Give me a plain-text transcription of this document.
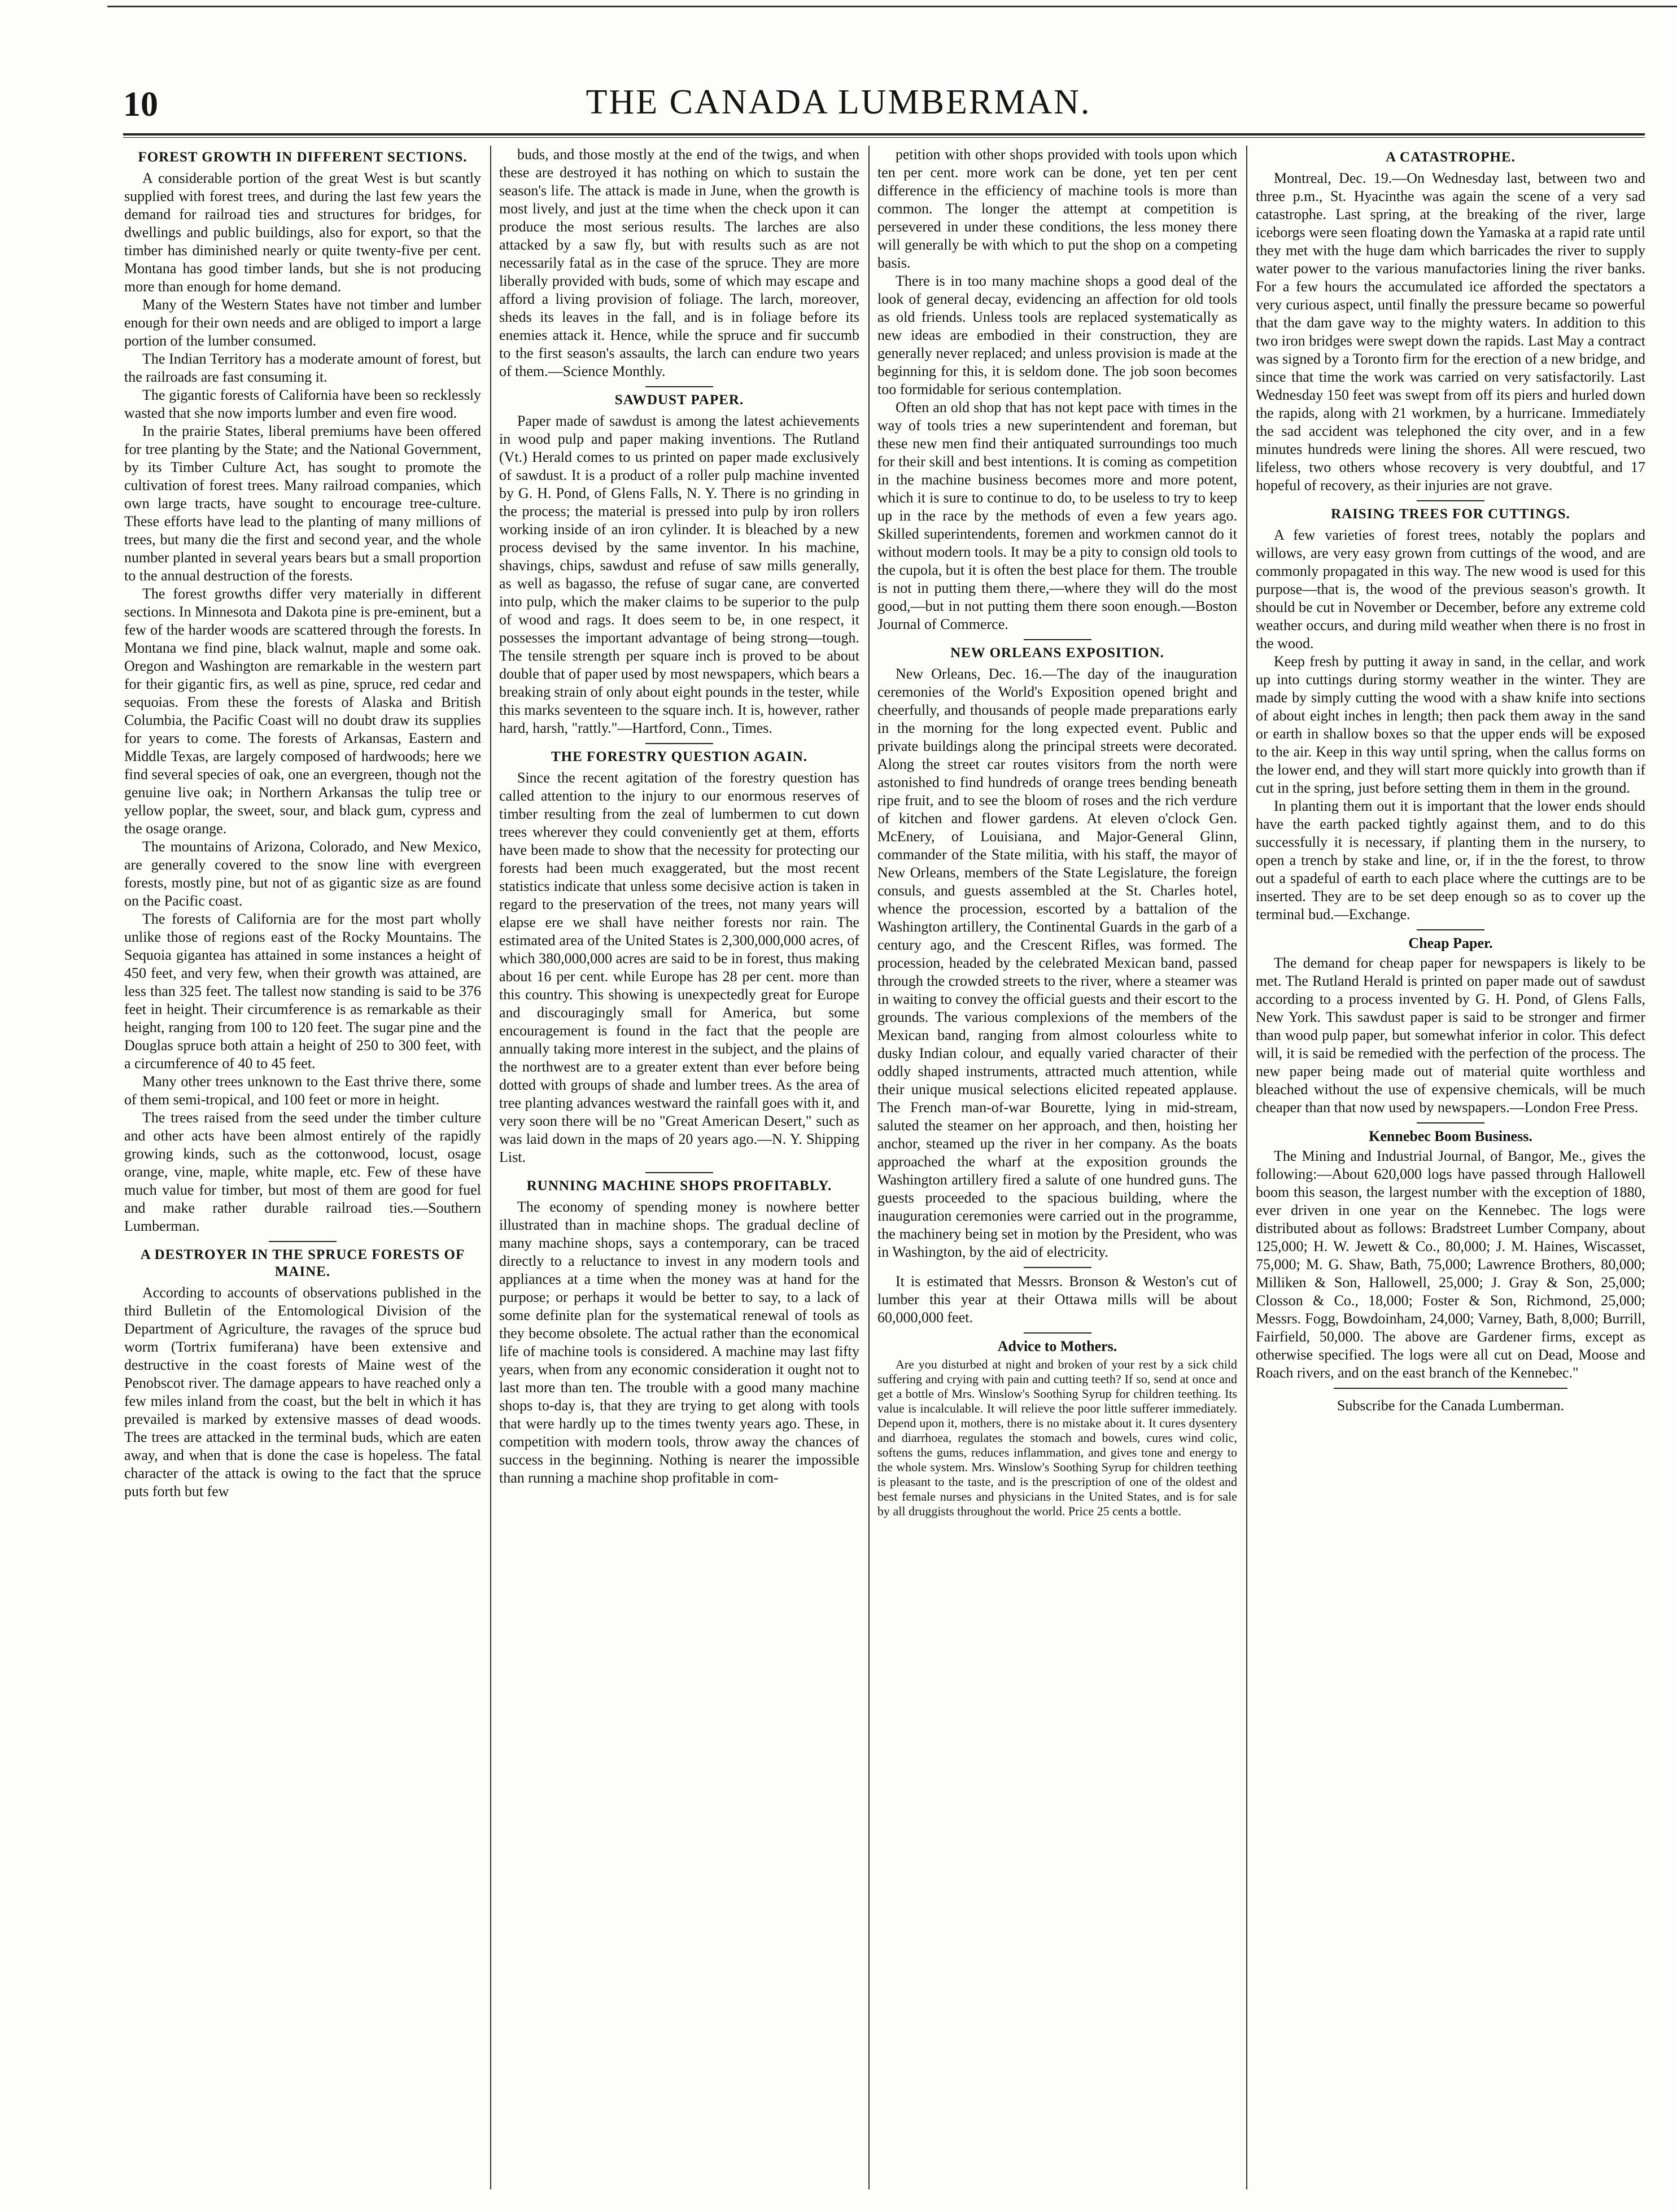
10	THE CANADA LUMBERMAN.
FOREST GROWTH IN DIFFERENT SECTIONS.

A considerable portion of the great West is but scantly supplied with forest trees, and during the last few years the demand for railroad ties and structures for bridges, for dwellings and public buildings, also for export, so that the timber has diminished nearly or quite twenty-five per cent. Montana has good timber lands, but she is not producing more than enough for home demand.

Many of the Western States have not timber and lumber enough for their own needs and are obliged to import a large portion of the lumber consumed.

The Indian Territory has a moderate amount of forest, but the railroads are fast consuming it.

The gigantic forests of California have been so recklessly wasted that she now imports lumber and even fire wood.

In the prairie States, liberal premiums have been offered for tree planting by the State; and the National Government, by its Timber Culture Act, has sought to promote the cultivation of forest trees. Many railroad companies, which own large tracts, have sought to encourage tree-culture. These efforts have lead to the planting of many millions of trees, but many die the first and second year, and the whole number planted in several years bears but a small proportion to the annual destruction of the forests.

The forest growths differ very materially in different sections. In Minnesota and Dakota pine is pre-eminent, but a few of the harder woods are scattered through the forests. In Montana we find pine, black walnut, maple and some oak. Oregon and Washington are remarkable in the western part for their gigantic firs, as well as pine, spruce, red cedar and sequoias. From these the forests of Alaska and British Columbia, the Pacific Coast will no doubt draw its supplies for years to come. The forests of Arkansas, Eastern and Middle Texas, are largely composed of hardwoods; here we find several species of oak, one an evergreen, though not the genuine live oak; in Northern Arkansas the tulip tree or yellow poplar, the sweet, sour, and black gum, cypress and the osage orange.

The mountains of Arizona, Colorado, and New Mexico, are generally covered to the snow line with evergreen forests, mostly pine, but not of as gigantic size as are found on the Pacific coast.

The forests of California are for the most part wholly unlike those of regions east of the Rocky Mountains. The Sequoia gigantea has attained in some instances a height of 450 feet, and very few, when their growth was attained, are less than 325 feet. The tallest now standing is said to be 376 feet in height. Their circumference is as remarkable as their height, ranging from 100 to 120 feet. The sugar pine and the Douglas spruce both attain a height of 250 to 300 feet, with a circumference of 40 to 45 feet.

Many other trees unknown to the East thrive there, some of them semi-tropical, and 100 feet or more in height.

The trees raised from the seed under the timber culture and other acts have been almost entirely of the rapidly growing kinds, such as the cottonwood, locust, osage orange, vine, maple, white maple, etc. Few of these have much value for timber, but most of them are good for fuel and make rather durable railroad ties.—Southern Lumberman.

A DESTROYER IN THE SPRUCE FORESTS OF MAINE.

According to accounts of observations published in the third Bulletin of the Entomological Division of the Department of Agriculture, the ravages of the spruce bud worm (Tortrix fumiferana) have been extensive and destructive in the coast forests of Maine west of the Penobscot river. The damage appears to have reached only a few miles inland from the coast, but the belt in which it has prevailed is marked by extensive masses of dead woods. The trees are attacked in the terminal buds, which are eaten away, and when that is done the case is hopeless. The fatal character of the attack is owing to the fact that the spruce puts forth but few

buds, and those mostly at the end of the twigs, and when these are destroyed it has nothing on which to sustain the season's life. The attack is made in June, when the growth is most lively, and just at the time when the check upon it can produce the most serious results. The larches are also attacked by a saw fly, but with results such as are not necessarily fatal as in the case of the spruce. They are more liberally provided with buds, some of which may escape and afford a living provision of foliage. The larch, moreover, sheds its leaves in the fall, and is in foliage before its enemies attack it. Hence, while the spruce and fir succumb to the first season's assaults, the larch can endure two years of them.—Science Monthly.

SAWDUST PAPER.

Paper made of sawdust is among the latest achievements in wood pulp and paper making inventions. The Rutland (Vt.) Herald comes to us printed on paper made exclusively of sawdust. It is a product of a roller pulp machine invented by G. H. Pond, of Glens Falls, N. Y. There is no grinding in the process; the material is pressed into pulp by iron rollers working inside of an iron cylinder. It is bleached by a new process devised by the same inventor. In his machine, shavings, chips, sawdust and refuse of saw mills generally, as well as bagasso, the refuse of sugar cane, are converted into pulp, which the maker claims to be superior to the pulp of wood and rags. It does seem to be, in one respect, it possesses the important advantage of being strong—tough. The tensile strength per square inch is proved to be about double that of paper used by most newspapers, which bears a breaking strain of only about eight pounds in the tester, while this marks seventeen to the square inch. It is, however, rather hard, harsh, "rattly."—Hartford, Conn., Times.

THE FORESTRY QUESTION AGAIN.

Since the recent agitation of the forestry question has called attention to the injury to our enormous reserves of timber resulting from the zeal of lumbermen to cut down trees wherever they could conveniently get at them, efforts have been made to show that the necessity for protecting our forests had been much exaggerated, but the most recent statistics indicate that unless some decisive action is taken in regard to the preservation of the trees, not many years will elapse ere we shall have neither forests nor rain. The estimated area of the United States is 2,300,000,000 acres, of which 380,000,000 acres are said to be in forest, thus making about 16 per cent. while Europe has 28 per cent. more than this country. This showing is unexpectedly great for Europe and discouragingly small for America, but some encouragement is found in the fact that the people are annually taking more interest in the subject, and the plains of the northwest are to a greater extent than ever before being dotted with groups of shade and lumber trees. As the area of tree planting advances westward the rainfall goes with it, and very soon there will be no "Great American Desert," such as was laid down in the maps of 20 years ago.—N. Y. Shipping List.

RUNNING MACHINE SHOPS PROFITABLY.

The economy of spending money is nowhere better illustrated than in machine shops. The gradual decline of many machine shops, says a contemporary, can be traced directly to a reluctance to invest in any modern tools and appliances at a time when the money was at hand for the purpose; or perhaps it would be better to say, to a lack of some definite plan for the systematical renewal of tools as they become obsolete. The actual rather than the economical life of machine tools is considered. A machine may last fifty years, when from any economic consideration it ought not to last more than ten. The trouble with a good many machine shops to-day is, that they are trying to get along with tools that were hardly up to the times twenty years ago. These, in competition with modern tools, throw away the chances of success in the beginning. Nothing is nearer the impossible than running a machine shop profitable in com-

petition with other shops provided with tools upon which ten per cent. more work can be done, yet ten per cent difference in the efficiency of machine tools is more than common. The longer the attempt at competition is persevered in under these conditions, the less money there will generally be with which to put the shop on a competing basis.

There is in too many machine shops a good deal of the look of general decay, evidencing an affection for old tools as old friends. Unless tools are replaced systematically as new ideas are embodied in their construction, they are generally never replaced; and unless provision is made at the beginning for this, it is seldom done. The job soon becomes too formidable for serious contemplation.

Often an old shop that has not kept pace with times in the way of tools tries a new superintendent and foreman, but these new men find their antiquated surroundings too much for their skill and best intentions. It is coming as competition in the machine business becomes more and more potent, which it is sure to continue to do, to be useless to try to keep up in the race by the methods of even a few years ago. Skilled superintendents, foremen and workmen cannot do it without modern tools. It may be a pity to consign old tools to the cupola, but it is often the best place for them. The trouble is not in putting them there,—where they will do the most good,—but in not putting them there soon enough.—Boston Journal of Commerce.

NEW ORLEANS EXPOSITION.

New Orleans, Dec. 16.—The day of the inauguration ceremonies of the World's Exposition opened bright and cheerfully, and thousands of people made preparations early in the morning for the long expected event. Public and private buildings along the principal streets were decorated. Along the street car routes visitors from the north were astonished to find hundreds of orange trees bending beneath ripe fruit, and to see the bloom of roses and the rich verdure of kitchen and flower gardens. At eleven o'clock Gen. McEnery, of Louisiana, and Major-General Glinn, commander of the State militia, with his staff, the mayor of New Orleans, members of the State Legislature, the foreign consuls, and guests assembled at the St. Charles hotel, whence the procession, escorted by a battalion of the Washington artillery, the Continental Guards in the garb of a century ago, and the Crescent Rifles, was formed. The procession, headed by the celebrated Mexican band, passed through the crowded streets to the river, where a steamer was in waiting to convey the official guests and their escort to the grounds. The various complexions of the members of the Mexican band, ranging from almost colourless white to dusky Indian colour, and equally varied character of their oddly shaped instruments, attracted much attention, while their unique musical selections elicited repeated applause. The French man-of-war Bourette, lying in mid-stream, saluted the steamer on her approach, and then, hoisting her anchor, steamed up the river in her company. As the boats approached the wharf at the exposition grounds the Washington artillery fired a salute of one hundred guns. The guests proceeded to the spacious building, where the inauguration ceremonies were carried out in the programme, the machinery being set in motion by the President, who was in Washington, by the aid of electricity.

It is estimated that Messrs. Bronson & Weston's cut of lumber this year at their Ottawa mills will be about 60,000,000 feet.

Advice to Mothers.

Are you disturbed at night and broken of your rest by a sick child suffering and crying with pain and cutting teeth? If so, send at once and get a bottle of Mrs. Winslow's Soothing Syrup for children teething. Its value is incalculable. It will relieve the poor little sufferer immediately. Depend upon it, mothers, there is no mistake about it. It cures dysentery and diarrhoea, regulates the stomach and bowels, cures wind colic, softens the gums, reduces inflammation, and gives tone and energy to the whole system. Mrs. Winslow's Soothing Syrup for children teething is pleasant to the taste, and is the prescription of one of the oldest and best female nurses and physicians in the United States, and is for sale by all druggists throughout the world. Price 25 cents a bottle.

A CATASTROPHE.

Montreal, Dec. 19.—On Wednesday last, between two and three p.m., St. Hyacinthe was again the scene of a very sad catastrophe. Last spring, at the breaking of the river, large iceborgs were seen floating down the Yamaska at a rapid rate until they met with the huge dam which barricades the river to supply water power to the various manufactories lining the river banks. For a few hours the accumulated ice afforded the spectators a very curious aspect, until finally the pressure became so powerful that the dam gave way to the mighty waters. In addition to this two iron bridges were swept down the rapids. Last May a contract was signed by a Toronto firm for the erection of a new bridge, and since that time the work was carried on very satisfactorily. Last Wednesday 150 feet was swept from off its piers and hurled down the rapids, along with 21 workmen, by a hurricane. Immediately the sad accident was telephoned the city over, and in a few minutes hundreds were lining the shores. All were rescued, two lifeless, two others whose recovery is very doubtful, and 17 hopeful of recovery, as their injuries are not grave.

RAISING TREES FOR CUTTINGS.

A few varieties of forest trees, notably the poplars and willows, are very easy grown from cuttings of the wood, and are commonly propagated in this way. The new wood is used for this purpose—that is, the wood of the previous season's growth. It should be cut in November or December, before any extreme cold weather occurs, and during mild weather when there is no frost in the wood.

Keep fresh by putting it away in sand, in the cellar, and work up into cuttings during stormy weather in the winter. They are made by simply cutting the wood with a shaw knife into sections of about eight inches in length; then pack them away in the sand or earth in shallow boxes so that the upper ends will be exposed to the air. Keep in this way until spring, when the callus forms on the lower end, and they will start more quickly into growth than if cut in the spring, just before setting them in them in the ground.

In planting them out it is important that the lower ends should have the earth packed tightly against them, and to do this successfully it is necessary, if planting them in the nursery, to open a trench by stake and line, or, if in the the forest, to throw out a spadeful of earth to each place where the cuttings are to be inserted. They are to be set deep enough so as to cover up the terminal bud.—Exchange.

Cheap Paper.

The demand for cheap paper for newspapers is likely to be met. The Rutland Herald is printed on paper made out of sawdust according to a process invented by G. H. Pond, of Glens Falls, New York. This sawdust paper is said to be stronger and firmer than wood pulp paper, but somewhat inferior in color. This defect will, it is said be remedied with the perfection of the process. The new paper being made out of material quite worthless and bleached without the use of expensive chemicals, will be much cheaper than that now used by newspapers.—London Free Press.

Kennebec Boom Business.

The Mining and Industrial Journal, of Bangor, Me., gives the following:—About 620,000 logs have passed through Hallowell boom this season, the largest number with the exception of 1880, ever driven in one year on the Kennebec. The logs were distributed about as follows: Bradstreet Lumber Company, about 125,000; H. W. Jewett & Co., 80,000; J. M. Haines, Wiscasset, 75,000; M. G. Shaw, Bath, 75,000; Lawrence Brothers, 80,000; Milliken & Son, Hallowell, 25,000; J. Gray & Son, 25,000; Closson & Co., 18,000; Foster & Son, Richmond, 25,000; Messrs. Fogg, Bowdoinham, 24,000; Varney, Bath, 8,000; Burrill, Fairfield, 50,000. The above are Gardener firms, except as otherwise specified. The logs were all cut on Dead, Moose and Roach rivers, and on the east branch of the Kennebec."

Subscribe for the Canada Lumberman.
